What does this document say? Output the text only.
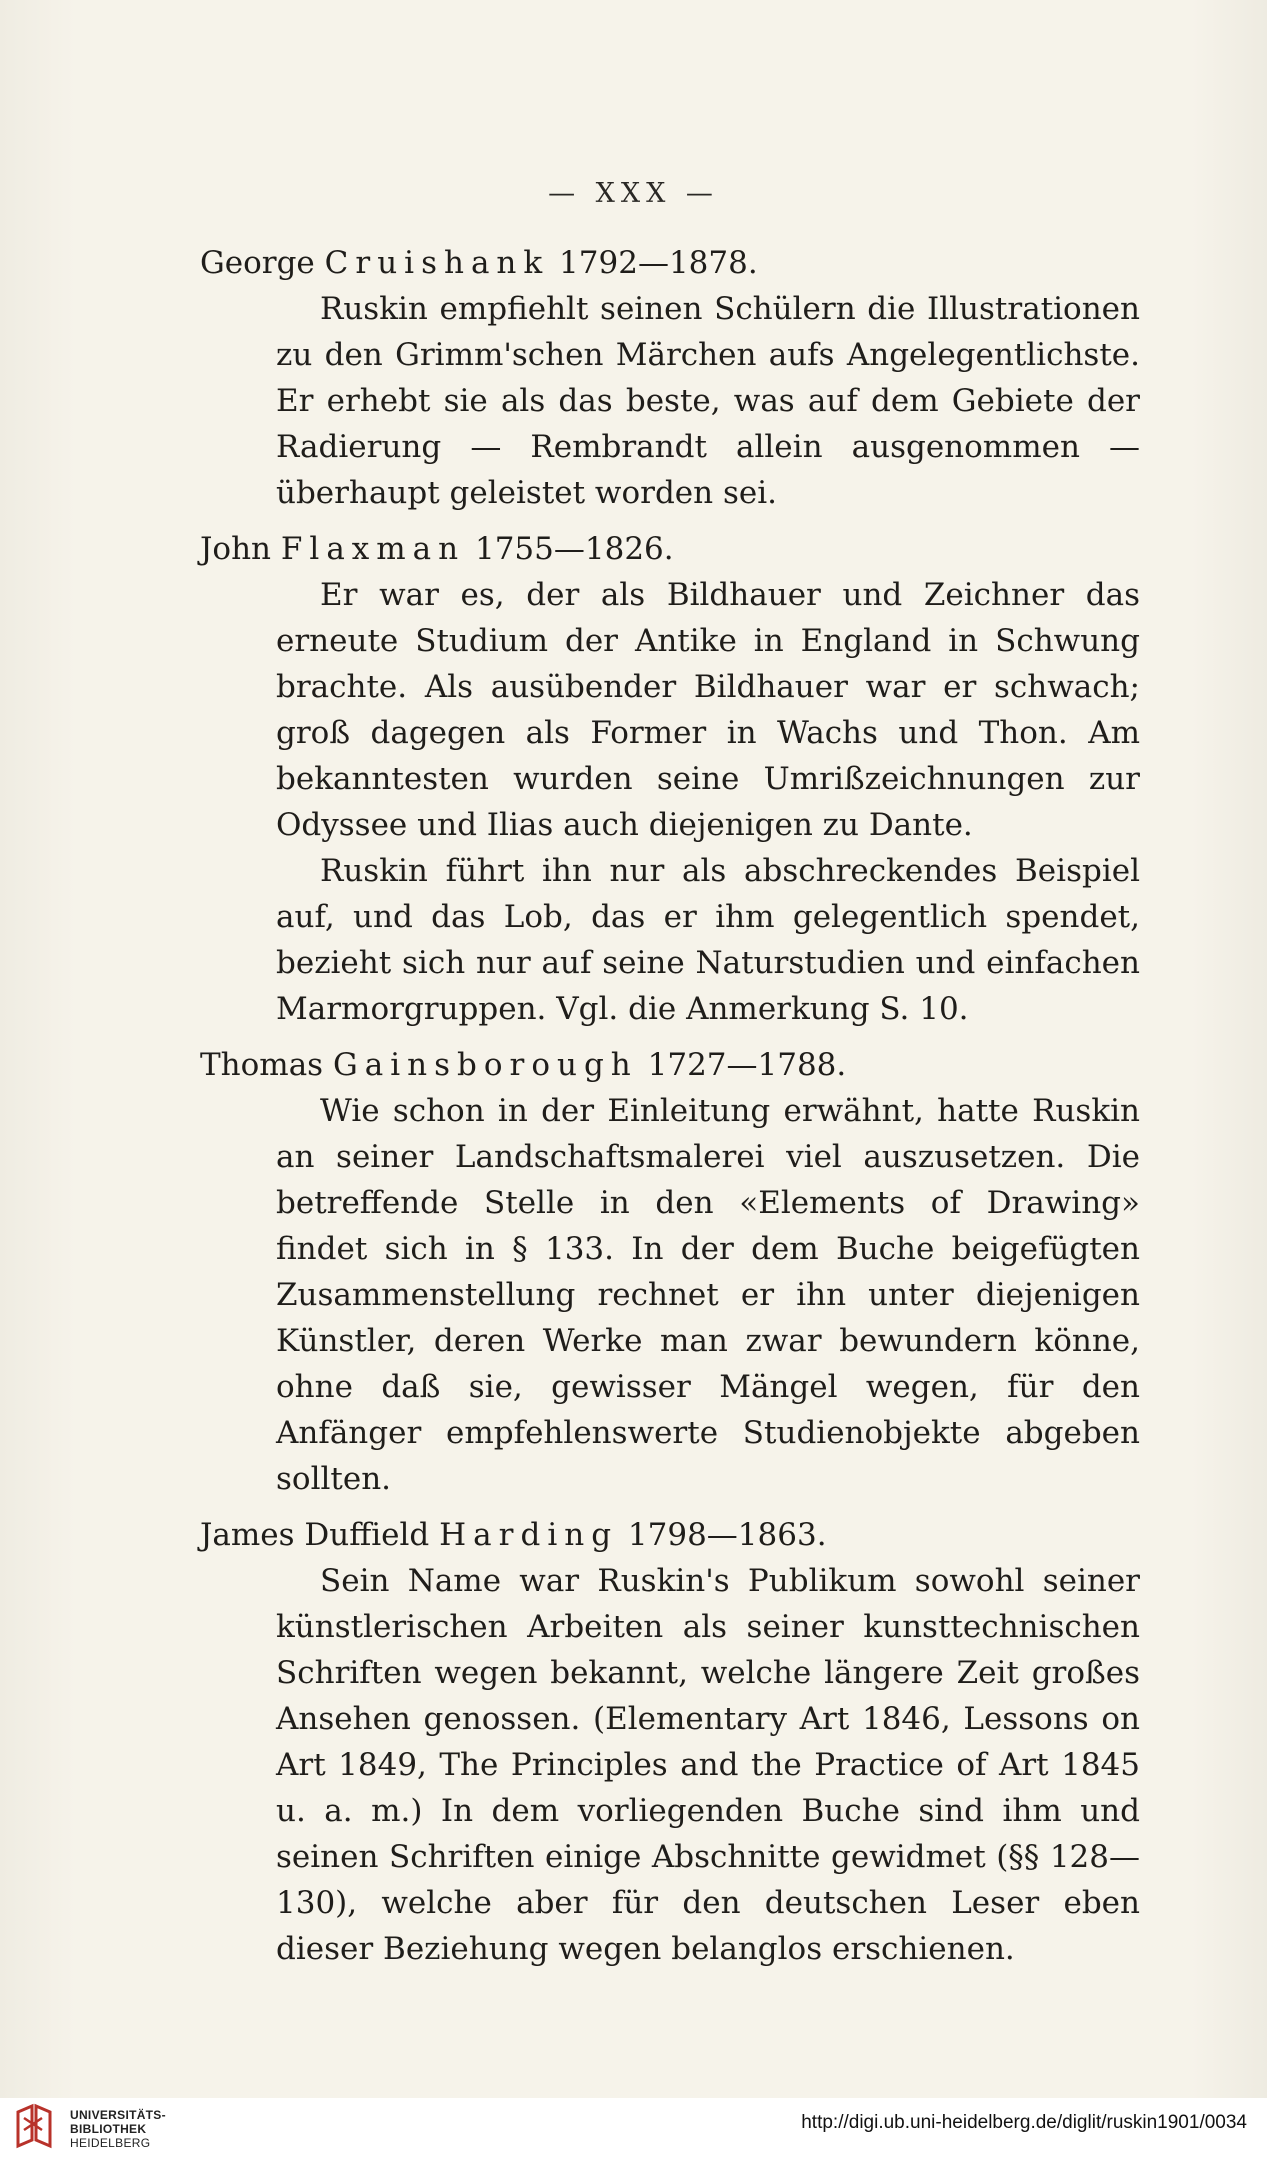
— XXX —
George Cruishank 1792—1878.

Ruskin empfiehlt seinen Schülern die Illustrationen zu den Grimm'schen Märchen aufs Angelegentlichste. Er erhebt sie als das beste, was auf dem Gebiete der Radierung — Rembrandt allein ausgenommen — überhaupt geleistet worden sei.

John Flaxman 1755—1826.

Er war es, der als Bildhauer und Zeichner das erneute Studium der Antike in England in Schwung brachte. Als ausübender Bildhauer war er schwach; groß dagegen als Former in Wachs und Thon. Am bekanntesten wurden seine Umrißzeichnungen zur Odyssee und Ilias auch diejenigen zu Dante.

Ruskin führt ihn nur als abschreckendes Beispiel auf, und das Lob, das er ihm gelegentlich spendet, bezieht sich nur auf seine Naturstudien und einfachen Marmorgruppen. Vgl. die Anmerkung S. 10.

Thomas Gainsborough 1727—1788.

Wie schon in der Einleitung erwähnt, hatte Ruskin an seiner Landschaftsmalerei viel auszusetzen. Die betreffende Stelle in den «Elements of Drawing» findet sich in § 133. In der dem Buche beigefügten Zusammenstellung rechnet er ihn unter diejenigen Künstler, deren Werke man zwar bewundern könne, ohne daß sie, gewisser Mängel wegen, für den Anfänger empfehlenswerte Studienobjekte abgeben sollten.

James Duffield Harding 1798—1863.

Sein Name war Ruskin's Publikum sowohl seiner künstlerischen Arbeiten als seiner kunsttechnischen Schriften wegen bekannt, welche längere Zeit großes Ansehen genossen. (Elementary Art 1846, Lessons on Art 1849, The Principles and the Practice of Art 1845 u. a. m.) In dem vorliegenden Buche sind ihm und seinen Schriften einige Abschnitte gewidmet (§§ 128—130), welche aber für den deutschen Leser eben dieser Beziehung wegen belanglos erschienen.

UNIVERSITÄTS-
BIBLIOTHEK
HEIDELBERG
http://digi.ub.uni-heidelberg.de/diglit/ruskin1901/0034
